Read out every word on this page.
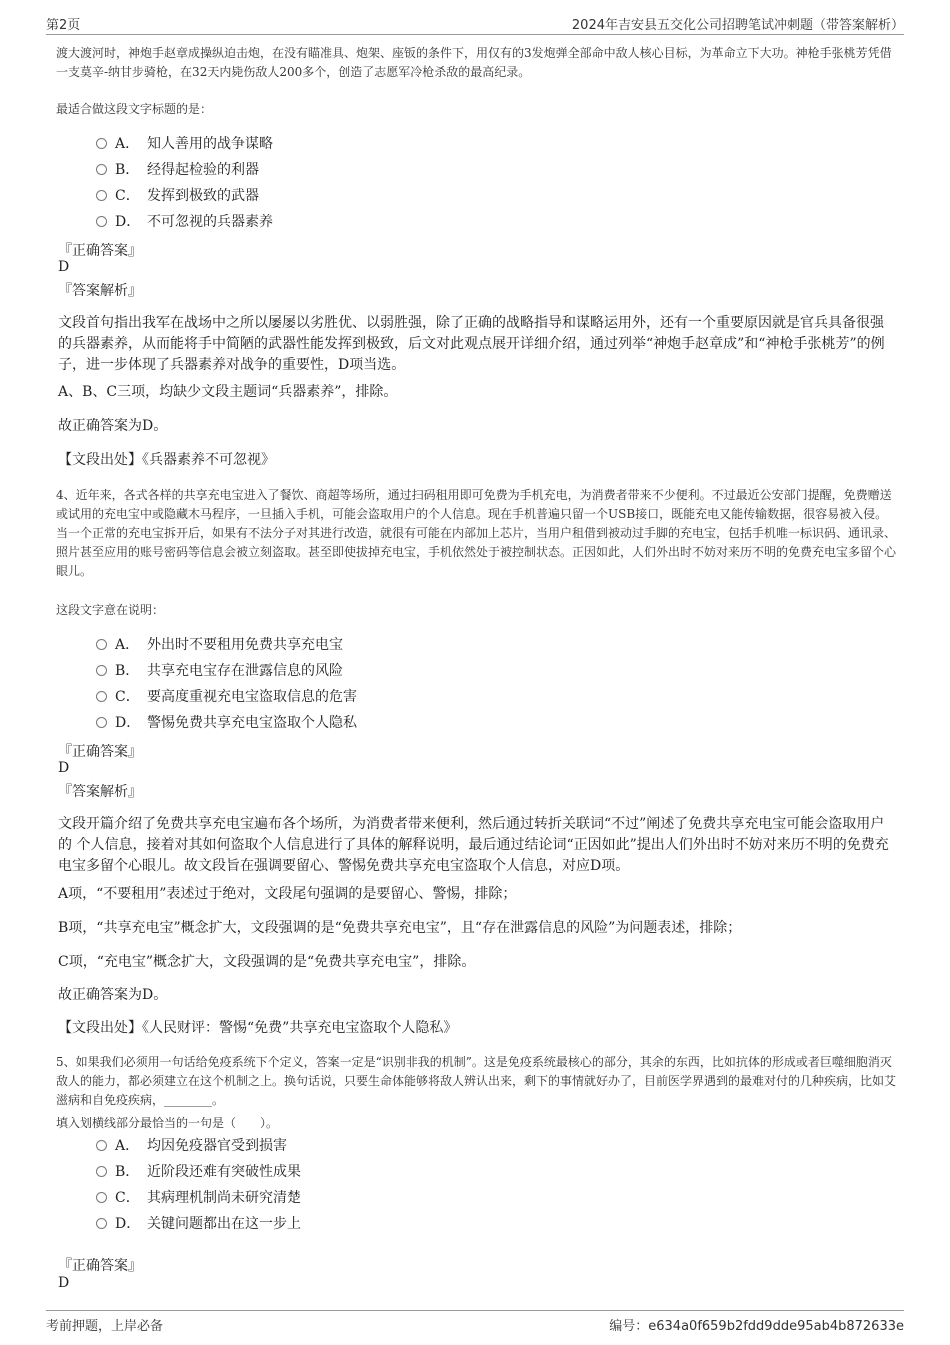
第2页	2024年吉安县五交化公司招聘笔试冲刺题（带答案解析）
渡大渡河时，神炮手赵章成操纵迫击炮，在没有瞄准具、炮架、座钣的条件下，用仅有的3发炮弹全部命中敌人核心目标，为革命立下大功。神枪手张桃芳凭借一支莫辛-纳甘步骑枪，在32天内毙伤敌人200多个，创造了志愿军冷枪杀敌的最高纪录。
最适合做这段文字标题的是：
A． 知人善用的战争谋略
B． 经得起检验的利器
C． 发挥到极致的武器
D． 不可忽视的兵器素养
『正确答案』
D
『答案解析』
文段首句指出我军在战场中之所以屡屡以劣胜优、以弱胜强，除了正确的战略指导和谋略运用外，还有一个重要原因就是官兵具备很强的兵器素养，从而能将手中简陋的武器性能发挥到极致，后文对此观点展开详细介绍，通过列举“神炮手赵章成”和“神枪手张桃芳”的例子，进一步体现了兵器素养对战争的重要性，D项当选。
A、B、C三项，均缺少文段主题词“兵器素养”，排除。
故正确答案为D。
【文段出处】《兵器素养不可忽视》
4、近年来，各式各样的共享充电宝进入了餐饮、商超等场所，通过扫码租用即可免费为手机充电，为消费者带来不少便利。不过最近公安部门提醒，免费赠送或试用的充电宝中或隐藏木马程序，一旦插入手机，可能会盗取用户的个人信息。现在手机普遍只留一个USB接口，既能充电又能传输数据，很容易被入侵。当一个正常的充电宝拆开后，如果有不法分子对其进行改造，就很有可能在内部加上芯片，当用户租借到被动过手脚的充电宝，包括手机唯一标识码、通讯录、照片甚至应用的账号密码等信息会被立刻盗取。甚至即使拔掉充电宝，手机依然处于被控制状态。正因如此，人们外出时不妨对来历不明的免费充电宝多留个心眼儿。
这段文字意在说明：
A． 外出时不要租用免费共享充电宝
B． 共享充电宝存在泄露信息的风险
C． 要高度重视充电宝盗取信息的危害
D． 警惕免费共享充电宝盗取个人隐私
『正确答案』
D
『答案解析』
文段开篇介绍了免费共享充电宝遍布各个场所，为消费者带来便利，然后通过转折关联词“不过”阐述了免费共享充电宝可能会盗取用户 的 个人信息，接着对其如何盗取个人信息进行了具体的解释说明，最后通过结论词“正因如此”提出人们外出时不妨对来历不明的免费充电宝多留个心眼儿。故文段旨在强调要留心、警惕免费共享充电宝盗取个人信息，对应D项。
A项，“不要租用”表述过于绝对，文段尾句强调的是要留心、警惕，排除；
B项，“共享充电宝”概念扩大，文段强调的是“免费共享充电宝”，且“存在泄露信息的风险”为问题表述，排除；
C项，“充电宝”概念扩大，文段强调的是“免费共享充电宝”，排除。
故正确答案为D。
【文段出处】《人民财评：警惕“免费”共享充电宝盗取个人隐私》
5、如果我们必须用一句话给免疫系统下个定义，答案一定是“识别非我的机制”。这是免疫系统最核心的部分，其余的东西，比如抗体的形成或者巨噬细胞消灭敌人的能力，都必须建立在这个机制之上。换句话说，只要生命体能够将敌人辨认出来，剩下的事情就好办了，目前医学界遇到的最难对付的几种疾病，比如艾滋病和自免疫疾病，________。
填入划横线部分最恰当的一句是（　　）。
A． 均因免疫器官受到损害
B． 近阶段还难有突破性成果
C． 其病理机制尚未研究清楚
D． 关键问题都出在这一步上
『正确答案』
D
考前押题，上岸必备	编号：e634a0f659b2fdd9dde95ab4b872633e
